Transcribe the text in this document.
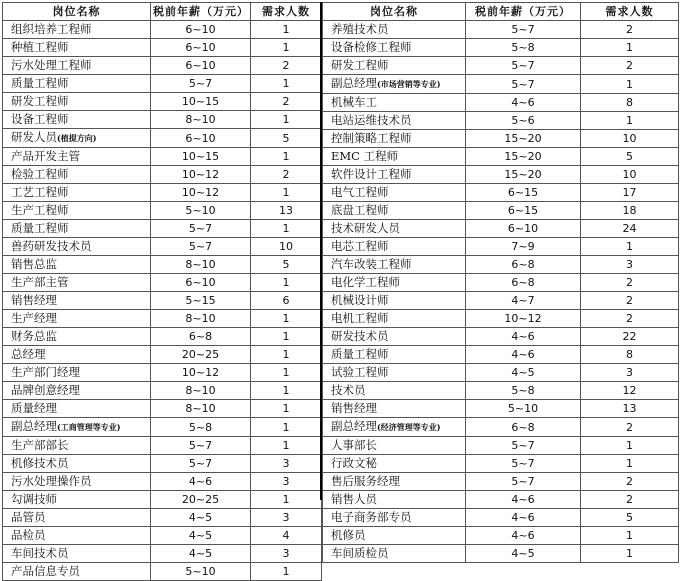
岗位名称	税前年薪（万元）	需求人数
组织培养工程师	6~10	1
种植工程师	6~10	1
污水处理工程师	6~10	2
质量工程师	5~7	1
研发工程师	10~15	2
设备工程师	8~10	1
研发人员(植提方向)	6~10	5
产品开发主管	10~15	1
检验工程师	10~12	2
工艺工程师	10~12	1
生产工程师	5~10	13
质量工程师	5~7	1
兽药研发技术员	5~7	10
销售总监	8~10	5
生产部主管	6~10	1
销售经理	5~15	6
生产经理	8~10	1
财务总监	6~8	1
总经理	20~25	1
生产部门经理	10~12	1
品牌创意经理	8~10	1
质量经理	8~10	1
副总经理(工商管理等专业)	5~8	1
生产部部长	5~7	1
机修技术员	5~7	3
污水处理操作员	4~6	3
勾调技师	20~25	1
品管员	4~5	3
品检员	4~5	4
车间技术员	4~5	3
产品信息专员	5~10	1
岗位名称	税前年薪（万元）	需求人数
养殖技术员	5~7	2
设备检修工程师	5~8	1
研发工程师	5~7	2
副总经理(市场营销等专业)	5~7	1
机械车工	4~6	8
电站运维技术员	5~6	1
控制策略工程师	15~20	10
EMC 工程师	15~20	5
软件设计工程师	15~20	10
电气工程师	6~15	17
底盘工程师	6~15	18
技术研发人员	6~10	24
电芯工程师	7~9	1
汽车改装工程师	6~8	3
电化学工程师	6~8	2
机械设计师	4~7	2
电机工程师	10~12	2
研发技术员	4~6	22
质量工程师	4~6	8
试验工程师	4~5	3
技术员	5~8	12
销售经理	5~10	13
副总经理(经济管理等专业)	6~8	2
人事部长	5~7	1
行政文秘	5~7	1
售后服务经理	5~7	2
销售人员	4~6	2
电子商务部专员	4~6	5
机修员	4~6	1
车间质检员	4~5	1
